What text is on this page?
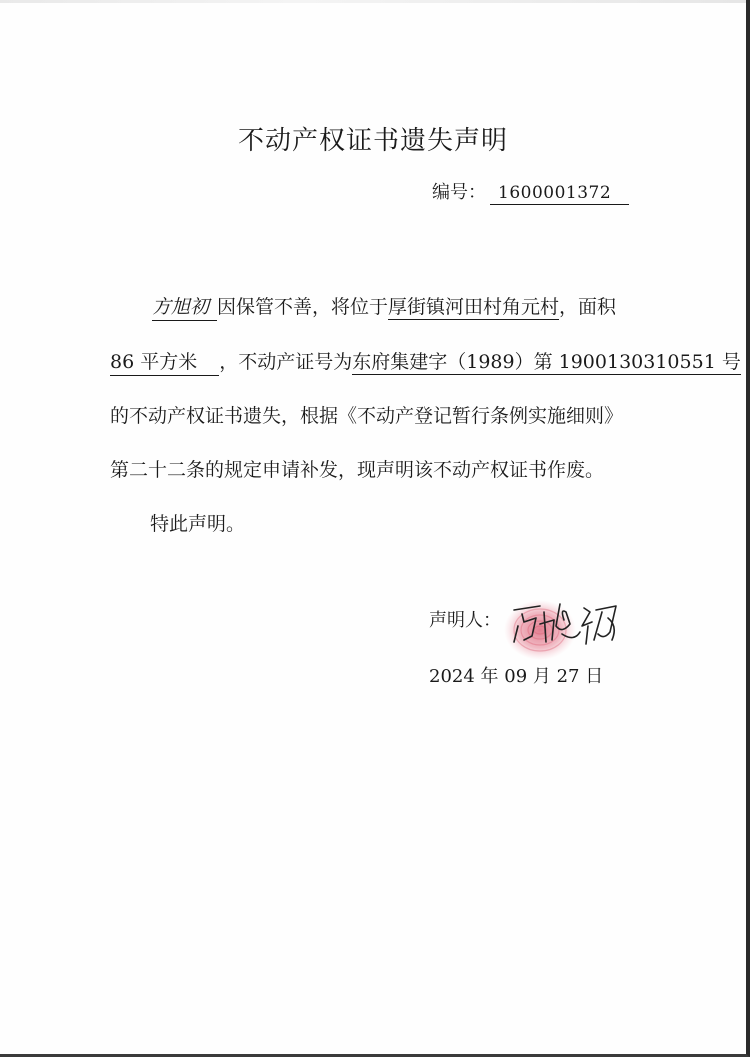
不动产权证书遗失声明
编号： 1600001372
方旭初 因保管不善，将位于厚街镇河田村角元村，面积
86 平方米 ，不动产证号为东府集建字（1989）第 1900130310551 号
的不动产权证书遗失，根据《不动产登记暂行条例实施细则》
第二十二条的规定申请补发，现声明该不动产权证书作废。
特此声明。
声明人：
2024 年 09 月 27 日
